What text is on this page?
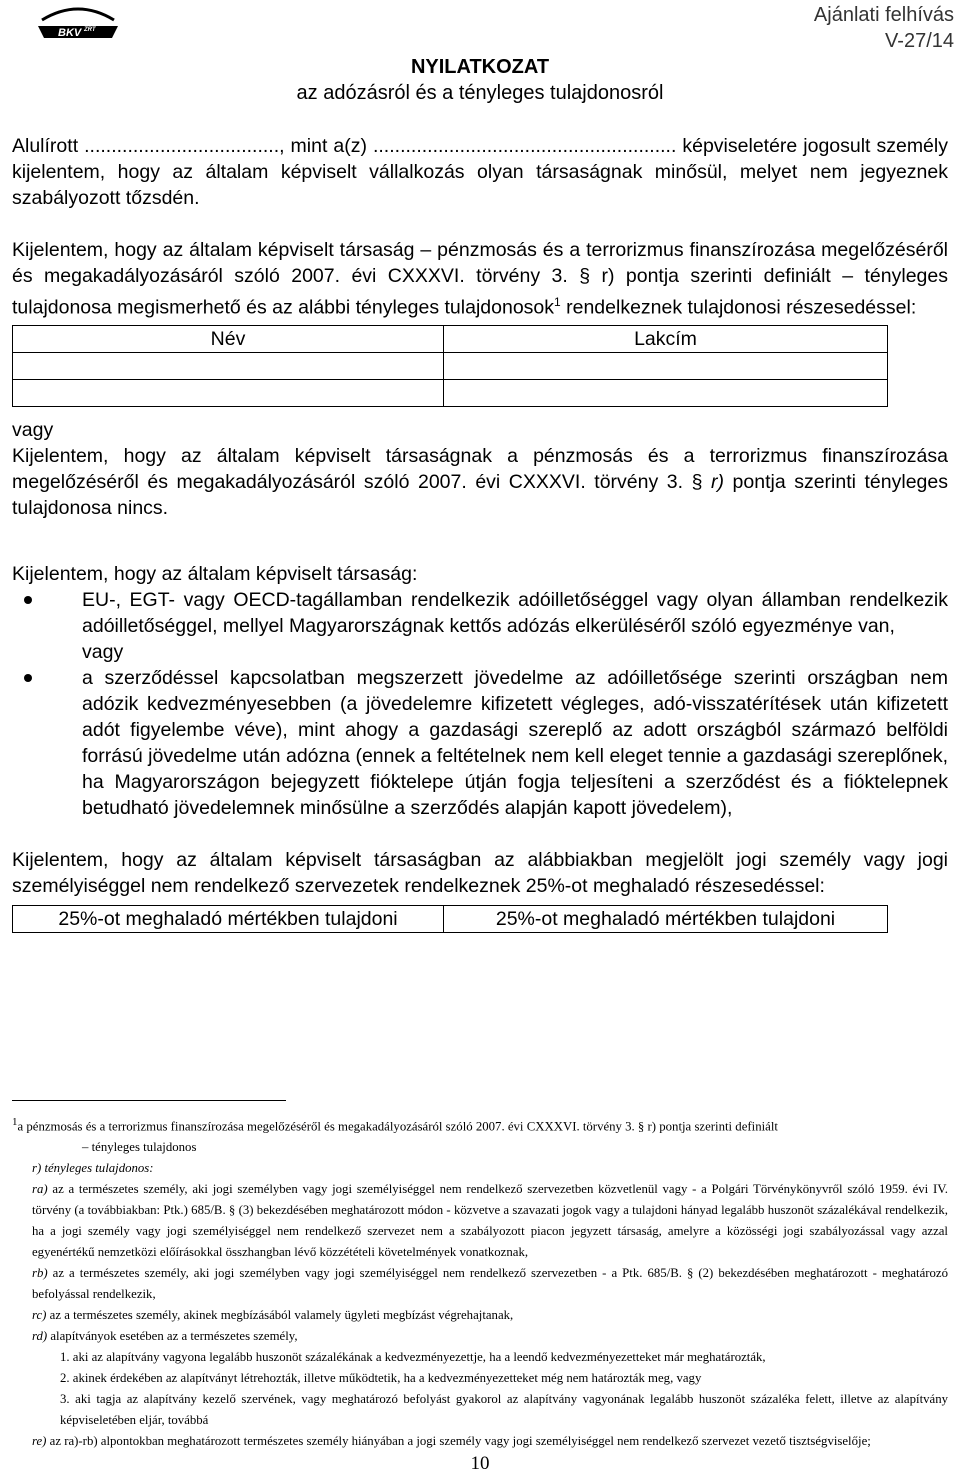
BKV ZRT
Ajánlati felhívás
V-27/14
NYILATKOZAT
az adózásról és a tényleges tulajdonosról

Alulírott ...................................., mint a(z) ........................................................ képviseletére jogosult személy kijelentem, hogy az általam képviselt vállalkozás olyan társaságnak minősül, melyet nem jegyeznek szabályozott tőzsdén.

Kijelentem, hogy az általam képviselt társaság – pénzmosás és a terrorizmus finanszírozása megelőzéséről és megakadályozásáról szóló 2007. évi CXXXVI. törvény 3. § r) pontja szerinti definiált – tényleges tulajdonosa megismerhető és az alábbi tényleges tulajdonosok$^1$ rendelkeznek tulajdonosi részesedéssel:

Név	Lakcím

vagy

Kijelentem, hogy az általam képviselt társaságnak a pénzmosás és a terrorizmus finanszírozása megelőzéséről és megakadályozásáról szóló 2007. évi CXXXVI. törvény 3. § r) pontja szerinti tényleges tulajdonosa nincs.

Kijelentem, hogy az általam képviselt társaság:

EU-, EGT- vagy OECD-tagállamban rendelkezik adóilletőséggel vagy olyan államban rendelkezik adóilletőséggel, mellyel Magyarországnak kettős adózás elkerüléséről szóló egyezménye van,
vagy
a szerződéssel kapcsolatban megszerzett jövedelme az adóilletősége szerinti országban nem adózik kedvezményesebben (a jövedelemre kifizetett végleges, adó-visszatérítések után kifizetett adót figyelembe véve), mint ahogy a gazdasági szereplő az adott országból származó belföldi forrású jövedelme után adózna (ennek a feltételnek nem kell eleget tennie a gazdasági szereplőnek, ha Magyarországon bejegyzett fióktelepe útján fogja teljesíteni a szerződést és a fióktelepnek betudható jövedelemnek minősülne a szerződés alapján kapott jövedelem),

Kijelentem, hogy az általam képviselt társaságban az alábbiakban megjelölt jogi személy vagy jogi személyiséggel nem rendelkező szervezetek rendelkeznek 25%-ot meghaladó részesedéssel:

25%-ot meghaladó mértékben tulajdoni	25%-ot meghaladó mértékben tulajdoni

$^1$a pénzmosás és a terrorizmus finanszírozása megelőzéséről és megakadályozásáról szóló 2007. évi CXXXVI. törvény 3. § r) pontja szerinti definiált

– tényleges tulajdonos

r) tényleges tulajdonos:

ra) az a természetes személy, aki jogi személyben vagy jogi személyiséggel nem rendelkező szervezetben közvetlenül vagy - a Polgári Törvénykönyvről szóló 1959. évi IV. törvény (a továbbiakban: Ptk.) 685/B. § (3) bekezdésében meghatározott módon - közvetve a szavazati jogok vagy a tulajdoni hányad legalább huszonöt százalékával rendelkezik, ha a jogi személy vagy jogi személyiséggel nem rendelkező szervezet nem a szabályozott piacon jegyzett társaság, amelyre a közösségi jogi szabályozással vagy azzal egyenértékű nemzetközi előírásokkal összhangban lévő közzétételi követelmények vonatkoznak,

rb) az a természetes személy, aki jogi személyben vagy jogi személyiséggel nem rendelkező szervezetben - a Ptk. 685/B. § (2) bekezdésében meghatározott - meghatározó befolyással rendelkezik,

rc) az a természetes személy, akinek megbízásából valamely ügyleti megbízást végrehajtanak,

rd) alapítványok esetében az a természetes személy,

1. aki az alapítvány vagyona legalább huszonöt százalékának a kedvezményezettje, ha a leendő kedvezményezetteket már meghatározták,

2. akinek érdekében az alapítványt létrehozták, illetve működtetik, ha a kedvezményezetteket még nem határozták meg, vagy

3. aki tagja az alapítvány kezelő szervének, vagy meghatározó befolyást gyakorol az alapítvány vagyonának legalább huszonöt százaléka felett, illetve az alapítvány képviseletében eljár, továbbá

re) az ra)-rb) alpontokban meghatározott természetes személy hiányában a jogi személy vagy jogi személyiséggel nem rendelkező szervezet vezető tisztségviselője;

10
